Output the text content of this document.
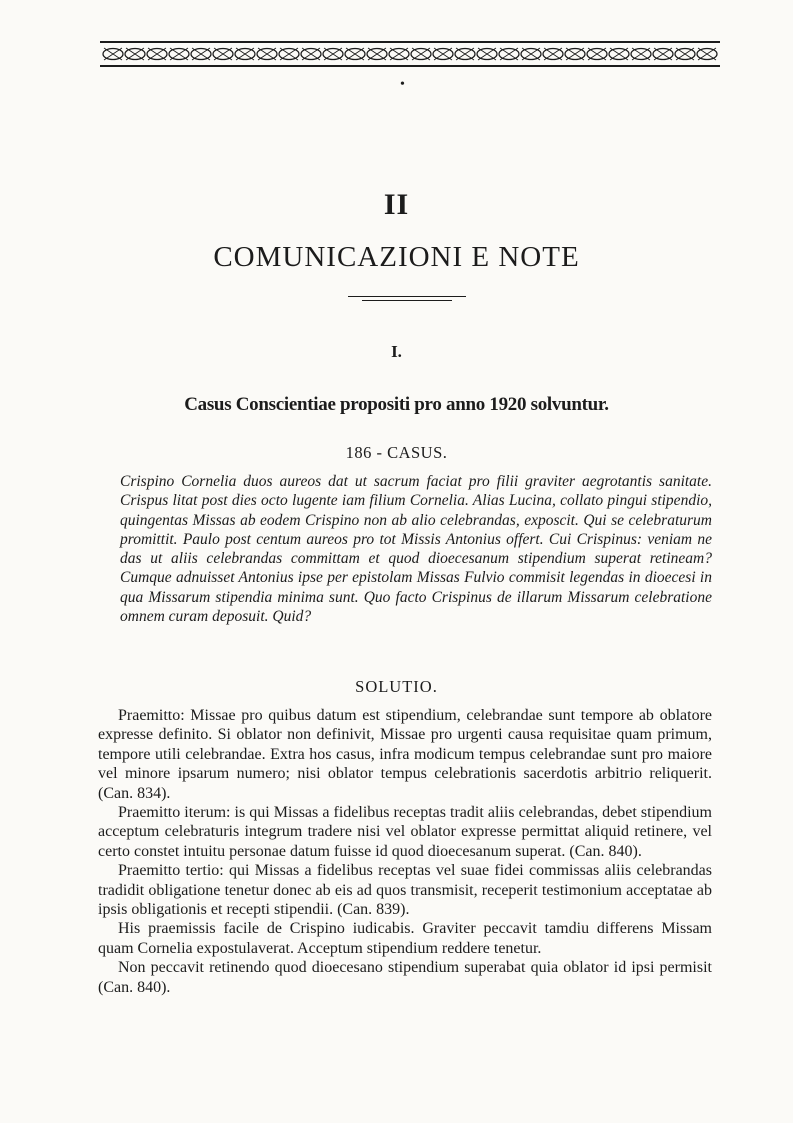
•
II
COMUNICAZIONI E NOTE
I.
Casus Conscientiae propositi pro anno 1920 solvuntur.
186 - CASUS.
Crispino Cornelia duos aureos dat ut sacrum faciat pro filii graviter aegrotantis sanitate. Crispus litat post dies octo lugente iam filium Cornelia. Alias Lucina, collato pingui stipendio, quingentas Missas ab eodem Crispino non ab alio celebrandas, exposcit. Qui se celebraturum promittit. Paulo post centum aureos pro tot Missis Antonius offert. Cui Crispinus: veniam ne das ut aliis celebrandas committam et quod dioecesanum stipendium superat retineam? Cumque adnuisset Antonius ipse per epistolam Missas Fulvio commisit legendas in dioecesi in qua Missarum stipendia minima sunt. Quo facto Crispinus de illarum Missarum celebratione omnem curam deposuit. Quid?
SOLUTIO.

Praemitto: Missae pro quibus datum est stipendium, celebrandae sunt tempore ab oblatore expresse definito. Si oblator non definivit, Missae pro urgenti causa requisitae quam primum, tempore utili celebrandae. Extra hos casus, infra modicum tempus celebrandae sunt pro maiore vel minore ipsarum numero; nisi oblator tempus celebrationis sacerdotis arbitrio reliquerit. (Can. 834).

Praemitto iterum: is qui Missas a fidelibus receptas tradit aliis celebrandas, debet stipendium acceptum celebraturis integrum tradere nisi vel oblator expresse permittat aliquid retinere, vel certo constet intuitu personae datum fuisse id quod dioecesanum superat. (Can. 840).

Praemitto tertio: qui Missas a fidelibus receptas vel suae fidei commissas aliis celebrandas tradidit obligatione tenetur donec ab eis ad quos transmisit, receperit testimonium acceptatae ab ipsis obligationis et recepti stipendii. (Can. 839).

His praemissis facile de Crispino iudicabis. Graviter peccavit tamdiu differens Missam quam Cornelia expostulaverat. Acceptum stipendium reddere tenetur.

Non peccavit retinendo quod dioecesano stipendium superabat quia oblator id ipsi permisit (Can. 840).
